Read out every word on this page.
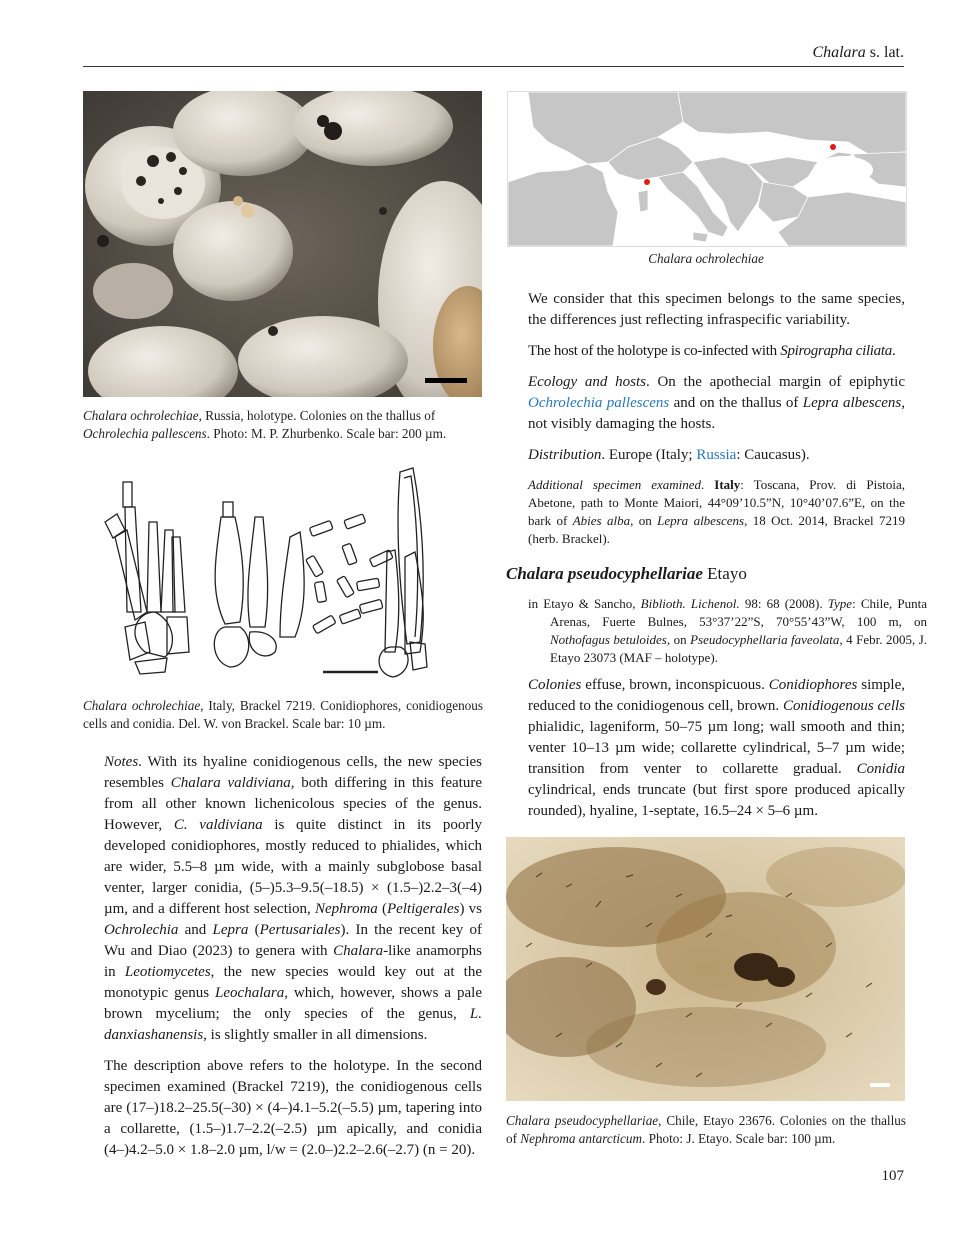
Chalara s. lat.
Chalara ochrolechiae, Russia, holotype. Colonies on the thallus of Ochrolechia pallescens. Photo: M. P. Zhurbenko. Scale bar: 200 µm.
Chalara ochrolechiae, Italy, Brackel 7219. Conidiophores, conidiogenous cells and conidia. Del. W. von Brackel. Scale bar: 10 µm.

Notes. With its hyaline conidiogenous cells, the new species resembles Chalara valdiviana, both differing in this feature from all other known lichenicolous species of the genus. However, C. valdiviana is quite distinct in its poorly developed conidiophores, mostly reduced to phialides, which are wider, 5.5–8 µm wide, with a mainly subglobose basal venter, larger conidia, (5–)5.3–9.5(–18.5) × (1.5–)2.2–3(–4) µm, and a different host selection, Nephroma (Peltigerales) vs Ochrolechia and Lepra (Pertusariales). In the recent key of Wu and Diao (2023) to genera with Chalara-like anamorphs in Leotiomycetes, the new species would key out at the monotypic genus Leochalara, which, however, shows a pale brown mycelium; the only species of the genus, L. danxiashanensis, is slightly smaller in all dimensions.

The description above refers to the holotype. In the second specimen examined (Brackel 7219), the conidiogenous cells are (17–)18.2–25.5(–30) × (4–)4.1–5.2(–5.5) µm, tapering into a collarette, (1.5–)1.7–2.2(–2.5) µm apically, and conidia (4–)4.2–5.0 × 1.8–2.0 µm, l/w = (2.0–)2.2–2.6(–2.7) (n = 20).

Chalara ochrolechiae

We consider that this specimen belongs to the same species, the differences just reflecting infraspecific variability.

The host of the holotype is co-infected with Spirographa ciliata.

Ecology and hosts. On the apothecial margin of epiphytic Ochrolechia pallescens and on the thallus of Lepra albescens, not visibly damaging the hosts.

Distribution. Europe (Italy; Russia: Caucasus).

Additional specimen examined. Italy: Toscana, Prov. di Pistoia, Abetone, path to Monte Maiori, 44°09’10.5”N, 10°40’07.6”E, on the bark of Abies alba, on Lepra albescens, 18 Oct. 2014, Brackel 7219 (herb. Brackel).
Chalara pseudocyphellariae Etayo
in Etayo & Sancho, Biblioth. Lichenol. 98: 68 (2008). Type: Chile, Punta Arenas, Fuerte Bulnes, 53°37’22”S, 70°55’43”W, 100 m, on Nothofagus betuloides, on Pseudocyphellaria faveolata, 4 Febr. 2005, J. Etayo 23073 (MAF – holotype).

Colonies effuse, brown, inconspicuous. Conidiophores simple, reduced to the conidiogenous cell, brown. Conidiogenous cells phialidic, lageniform, 50–75 µm long; wall smooth and thin; venter 10–13 µm wide; collarette cylindrical, 5–7 µm wide; transition from venter to collarette gradual. Conidia cylindrical, ends truncate (but first spore produced apically rounded), hyaline, 1-septate, 16.5–24 × 5–6 µm.

Chalara pseudocyphellariae, Chile, Etayo 23676. Colonies on the thallus of Nephroma antarcticum. Photo: J. Etayo. Scale bar: 100 µm.
107
